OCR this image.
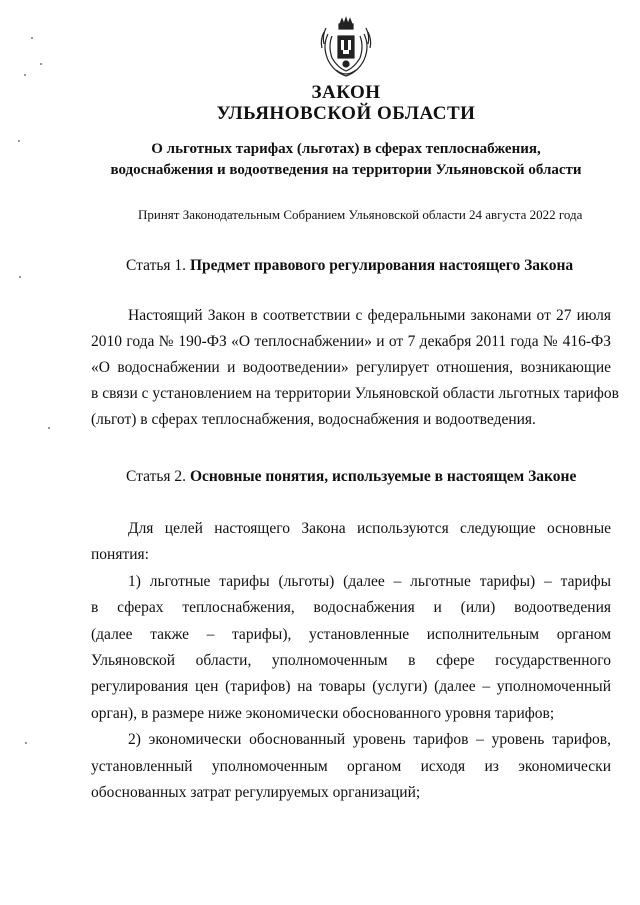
ЗАКОН
УЛЬЯНОВСКОЙ ОБЛАСТИ
О льготных тарифах (льготах) в сферах теплоснабжения,
водоснабжения и водоотведения на территории Ульяновской области
Принят Законодательным Собранием Ульяновской области 24 августа 2022 года
Статья 1. Предмет правового регулирования настоящего Закона
Настоящий Закон в соответствии с федеральными законами от 27 июля
2010 года № 190-ФЗ «О теплоснабжении» и от 7 декабря 2011 года № 416-ФЗ
«О водоснабжении и водоотведении» регулирует отношения, возникающие
в связи с установлением на территории Ульяновской области льготных тарифов
(льгот) в сферах теплоснабжения, водоснабжения и водоотведения.
Статья 2. Основные понятия, используемые в настоящем Законе
Для целей настоящего Закона используются следующие основные
понятия:
1) льготные тарифы (льготы) (далее – льготные тарифы) – тарифы
в сферах теплоснабжения, водоснабжения и (или) водоотведения
(далее также – тарифы), установленные исполнительным органом
Ульяновской области, уполномоченным в сфере государственного
регулирования цен (тарифов) на товары (услуги) (далее – уполномоченный
орган), в размере ниже экономически обоснованного уровня тарифов;
2) экономически обоснованный уровень тарифов – уровень тарифов,
установленный уполномоченным органом исходя из экономически
обоснованных затрат регулируемых организаций;
